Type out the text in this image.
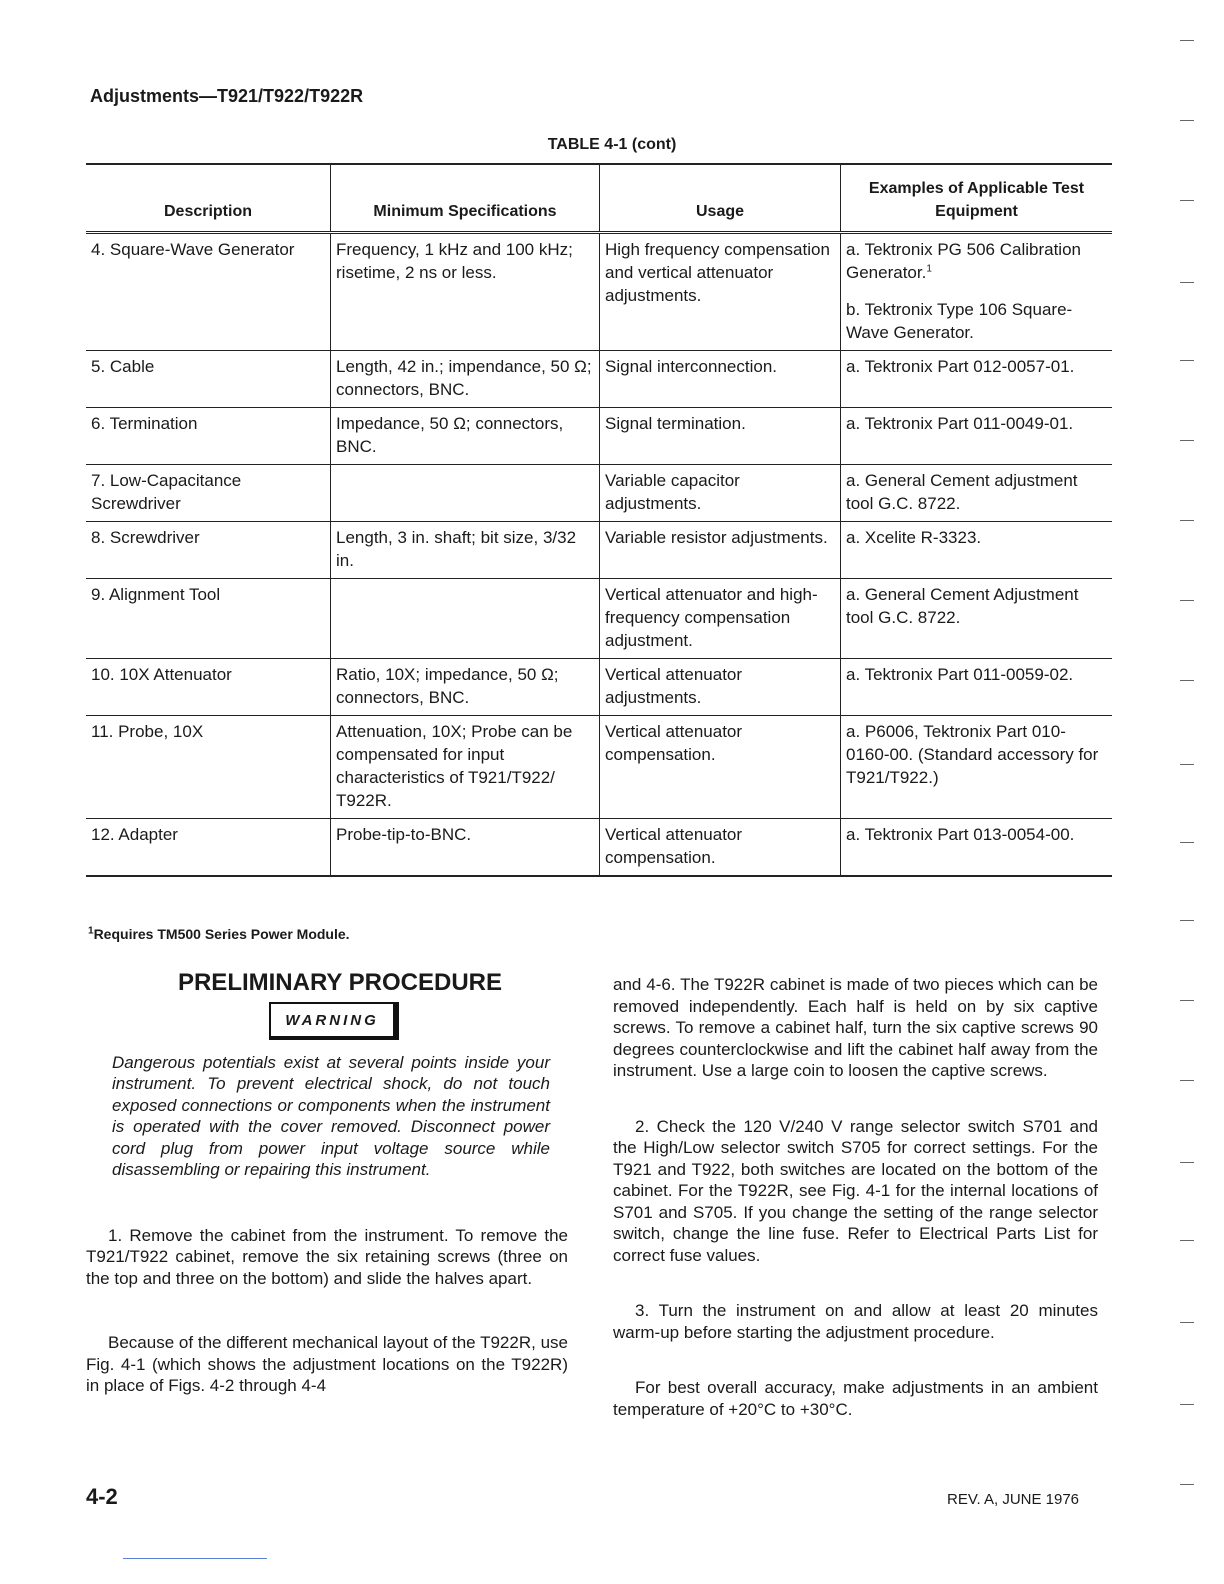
Adjustments—T921/T922/T922R
TABLE 4-1 (cont)
Description	Minimum Specifications	Usage	Examples of Applicable Test Equipment
4. Square-Wave Generator	Frequency, 1 kHz and 100 kHz; risetime, 2 ns or less.	High frequency compensation and vertical attenuator adjustments.	a. Tektronix PG 506 Calibration Generator.$^1$
b. Tektronix Type 106 Square-Wave Generator.

5. Cable	Length, 42 in.; impendance, 50 Ω; connectors, BNC.	Signal interconnection.	a. Tektronix Part 012-0057-01.
6. Termination	Impedance, 50 Ω; connectors, BNC.	Signal termination.	a. Tektronix Part 011-0049-01.
7. Low-Capacitance Screwdriver		Variable capacitor adjustments.	a. General Cement adjustment tool G.C. 8722.
8. Screwdriver	Length, 3 in. shaft; bit size, 3/32 in.	Variable resistor adjustments.	a. Xcelite R-3323.
9. Alignment Tool		Vertical attenuator and high-frequency compensation adjustment.	a. General Cement Adjustment tool G.C. 8722.
10. 10X Attenuator	Ratio, 10X; impedance, 50 Ω; connectors, BNC.	Vertical attenuator adjustments.	a. Tektronix Part 011-0059-02.
11. Probe, 10X	Attenuation, 10X; Probe can be compensated for input characteristics of T921/T922/ T922R.	Vertical attenuator compensation.	a. P6006, Tektronix Part 010-0160-00. (Standard accessory for T921/T922.)
12. Adapter	Probe-tip-to-BNC.	Vertical attenuator compensation.	a. Tektronix Part 013-0054-00.
$^1$Requires TM500 Series Power Module.
PRELIMINARY PROCEDURE
WARNING
Dangerous potentials exist at several points inside your instrument. To prevent electrical shock, do not touch exposed connections or components when the instrument is operated with the cover removed. Disconnect power cord plug from power input voltage source while disassembling or repairing this instrument.

1. Remove the cabinet from the instrument. To remove the T921/T922 cabinet, remove the six retaining screws (three on the top and three on the bottom) and slide the halves apart.

Because of the different mechanical layout of the T922R, use Fig. 4-1 (which shows the adjustment locations on the T922R) in place of Figs. 4-2 through 4-4

and 4-6. The T922R cabinet is made of two pieces which can be removed independently. Each half is held on by six captive screws. To remove a cabinet half, turn the six captive screws 90 degrees counterclockwise and lift the cabinet half away from the instrument. Use a large coin to loosen the captive screws.

2. Check the 120 V/240 V range selector switch S701 and the High/Low selector switch S705 for correct settings. For the T921 and T922, both switches are located on the bottom of the cabinet. For the T922R, see Fig. 4-1 for the internal locations of S701 and S705. If you change the setting of the range selector switch, change the line fuse. Refer to Electrical Parts List for correct fuse values.

3. Turn the instrument on and allow at least 20 minutes warm-up before starting the adjustment procedure.

For best overall accuracy, make adjustments in an ambient temperature of +20°C to +30°C.

4-2	REV. A, JUNE 1976
